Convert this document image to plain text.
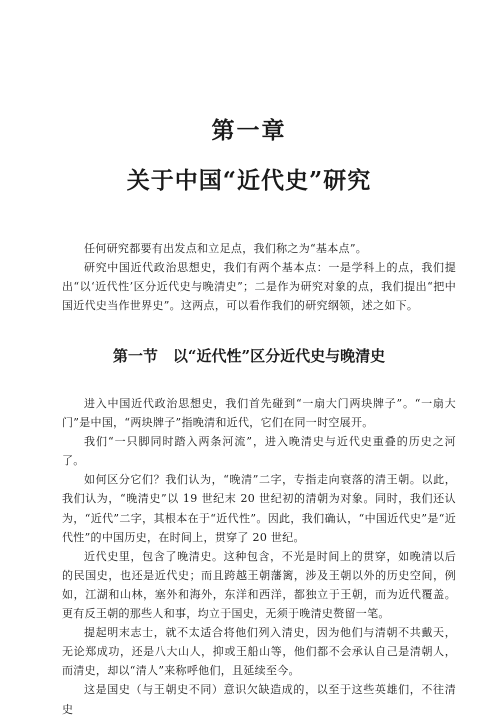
第一章
关于中国“近代史”研究

任何研究都要有出发点和立足点，我们称之为“基本点”。

研究中国近代政治思想史，我们有两个基本点：一是学科上的点，我们提出“以‘近代性’区分近代史与晚清史”；二是作为研究对象的点，我们提出“把中国近代史当作世界史”。这两点，可以看作我们的研究纲领，述之如下。

第一节　以“近代性”区分近代史与晚清史

进入中国近代政治思想史，我们首先碰到“一扇大门两块牌子”。“一扇大门”是中国，“两块牌子”指晚清和近代，它们在同一时空展开。

我们“一只脚同时踏入两条河流”，进入晚清史与近代史重叠的历史之河了。

如何区分它们？我们认为，“晚清”二字，专指走向衰落的清王朝。以此，我们认为，“晚清史”以 19 世纪末 20 世纪初的清朝为对象。同时，我们还认为，“近代”二字，其根本在于“近代性”。因此，我们确认，“中国近代史”是“近代性”的中国历史，在时间上，贯穿了 20 世纪。

近代史里，包含了晚清史。这种包含，不光是时间上的贯穿，如晚清以后的民国史，也还是近代史；而且跨越王朝藩篱，涉及王朝以外的历史空间，例如，江湖和山林，塞外和海外，东洋和西洋，都独立于王朝，而为近代覆盖。更有反王朝的那些人和事，均立于国史，无须于晚清史赘留一笔。

提起明末志士，就不太适合将他们列入清史，因为他们与清朝不共戴天，无论郑成功，还是八大山人，抑或王船山等，他们都不会承认自己是清朝人，而清史，却以“清人”来称呼他们，且延续至今。

这是国史（与王朝史不同）意识欠缺造成的，以至于这些英雄们，不往清史
